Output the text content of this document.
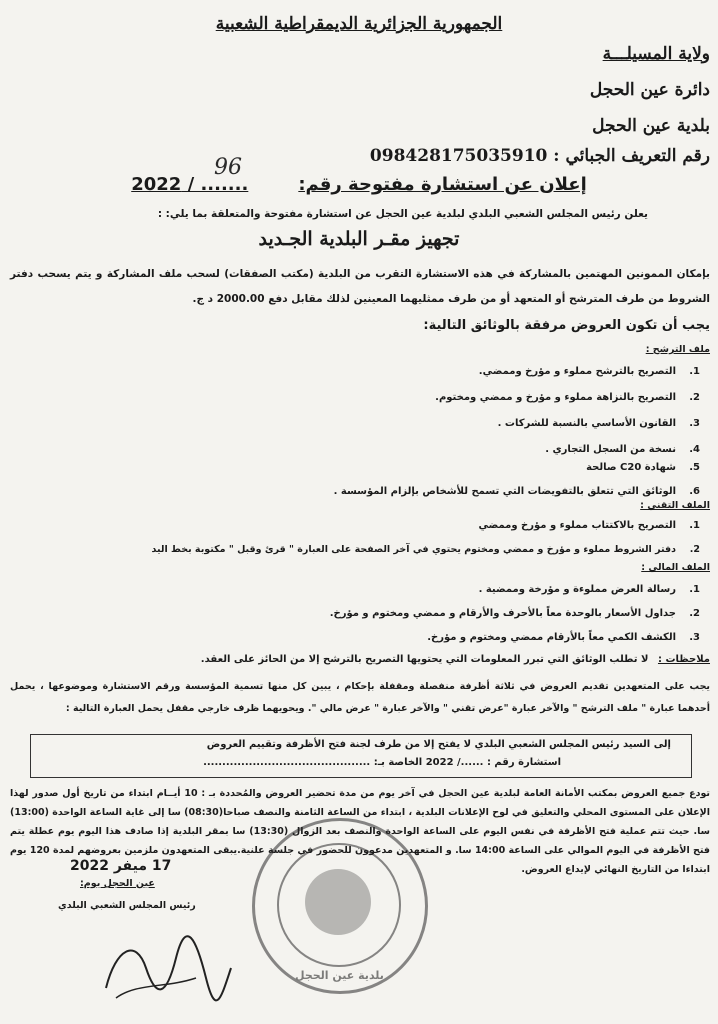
الجمهورية الجزائرية الديمقراطية الشعبية
ولاية المسيلـــة
دائرة عين الحجل
بلدية عين الحجل
رقم التعريف الجبائي : 098428175035910
إعلان عن استشارة مفتوحة رقم:....... / 2022
96
يعلن رئيس المجلس الشعبي البلدي لبلدية عين الحجل عن استشارة مفتوحة والمتعلقة بما يلي: :
تجهيز مقـر البلدية الجـديد
بإمكان الممونين المهتمين بالمشاركة في هذه الاستشارة التقرب من البلدية (مكتب الصفقات) لسحب ملف المشاركة و يتم يسحب دفتر الشروط من طرف المترشح أو المتعهد أو من طرف ممثليهما المعينين لذلك مقابل دفع 2000.00 د ج.
يجب أن تكون العروض مرفقة بالوثائق التالية:
ملف الترشح :
1.التصريح بالترشح مملوء و مؤرخ وممضي.
2.التصريح بالنزاهة مملوء و مؤرخ و ممضي ومختوم.
3.القانون الأساسي بالنسبة للشركات .
4.نسخة من السجل التجاري .
5.شهادة C20 صالحة
6.الوثائق التي تتعلق بالتفويضات التي تسمح للأشخاص بإلزام المؤسسة .
الملف التقني :
1.التصريح بالاكتتاب مملوء و مؤرخ وممضي
2.دفتر الشروط مملوء و مؤرخ و ممضي ومختوم يحتوي في آخر الصفحة على العبارة " قرئ وقبل " مكتوبة بخط اليد
الملف المالي :
1.رسالة العرض مملوءة و مؤرخة وممضية .
2.جداول الأسعار بالوحدة معاً بالأحرف والأرقام و ممضي ومختوم و مؤرخ.
3.الكشف الكمي معاً بالأرقام ممضي ومختوم و مؤرخ.
ملاحظات : لا تطلب الوثائق التي تبرر المعلومات التي يحتويها التصريح بالترشح إلا من الحائز على العقد.
يجب على المتعهدين تقديم العروض في ثلاثة أظرفة منفصلة ومقفلة بإحكام ، يبين كل منها تسمية المؤسسة ورقم الاستشارة وموضوعها ، يحمل أحدهما عبارة " ملف الترشح " والآخر عبارة "عرض تقني " والآخر عبارة " عرض مالي ". ويحويهما ظرف خارجي مقفل يحمل العبارة التالية :
إلى السيد رئيس المجلس الشعبي البلدي لا يفتح إلا من طرف لجنة فتح الأظرفة وتقييم العروض
استشارة رقم : ....../ 2022 الخاصة بـ: ............................................
تودع جميع العروض بمكتب الأمانة العامة لبلدية عين الحجل في آخر يوم من مدة تحضير العروض والمُحددة بـ : 10 أيــام ابتداء من تاريخ أول صدور لهذا الإعلان على المستوى المحلي والتعليق في لوح الإعلانات البلدية ، ابتداء من الساعة الثامنة والنصف صباحا(08:30) سا إلى غاية الساعة الواحدة (13:00) سا. حيث تتم عملية فتح الأظرفة في نفس اليوم على الساعة الواحدة والنصف بعد الزوال (13:30) سا بمقر البلدية إذا صادف هذا اليوم يوم عطلة يتم فتح الأظرفة في اليوم الموالي على الساعة 14:00 سا. و المتعهدين مدعوون للحضور في جلسة علنية.يبقى المتعهدون ملزمين بعروضهم لمدة 120 يوم ابتداءا من التاريخ النهائي لإيداع العروض.
17 ميفر 2022
عين الحجل يوم:
رئيس المجلس الشعبي البلدي
بلدية عين الحجل
